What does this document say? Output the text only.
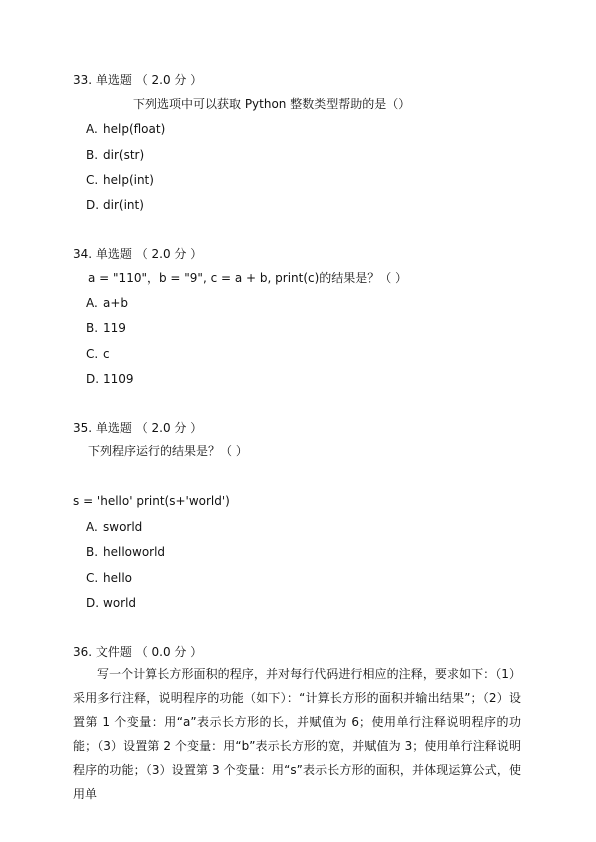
33. 单选题 （ 2.0 分 ）
下列选项中可以获取 Python 整数类型帮助的是（）
A. help(float)
B. dir(str)
C. help(int)
D. dir(int)
34. 单选题 （ 2.0 分 ）
a = "110"，b = "9", c = a + b, print(c)的结果是？（ ）
A. a+b
B. 119
C. c
D. 1109
35. 单选题 （ 2.0 分 ）
下列程序运行的结果是？（ ）
s = 'hello' print(s+'world')
A. sworld
B. helloworld
C. hello
D. world
36. 文件题 （ 0.0 分 ）

写一个计算长方形面积的程序，并对每行代码进行相应的注释，要求如下：（1）采用多行注释，说明程序的功能（如下）：“计算长方形的面积并输出结果”；（2）设置第 1 个变量：用“a”表示长方形的长，并赋值为 6；使用单行注释说明程序的功能；（3）设置第 2 个变量：用“b”表示长方形的宽，并赋值为 3；使用单行注释说明程序的功能；（3）设置第 3 个变量：用“s”表示长方形的面积，并体现运算公式，使用单
